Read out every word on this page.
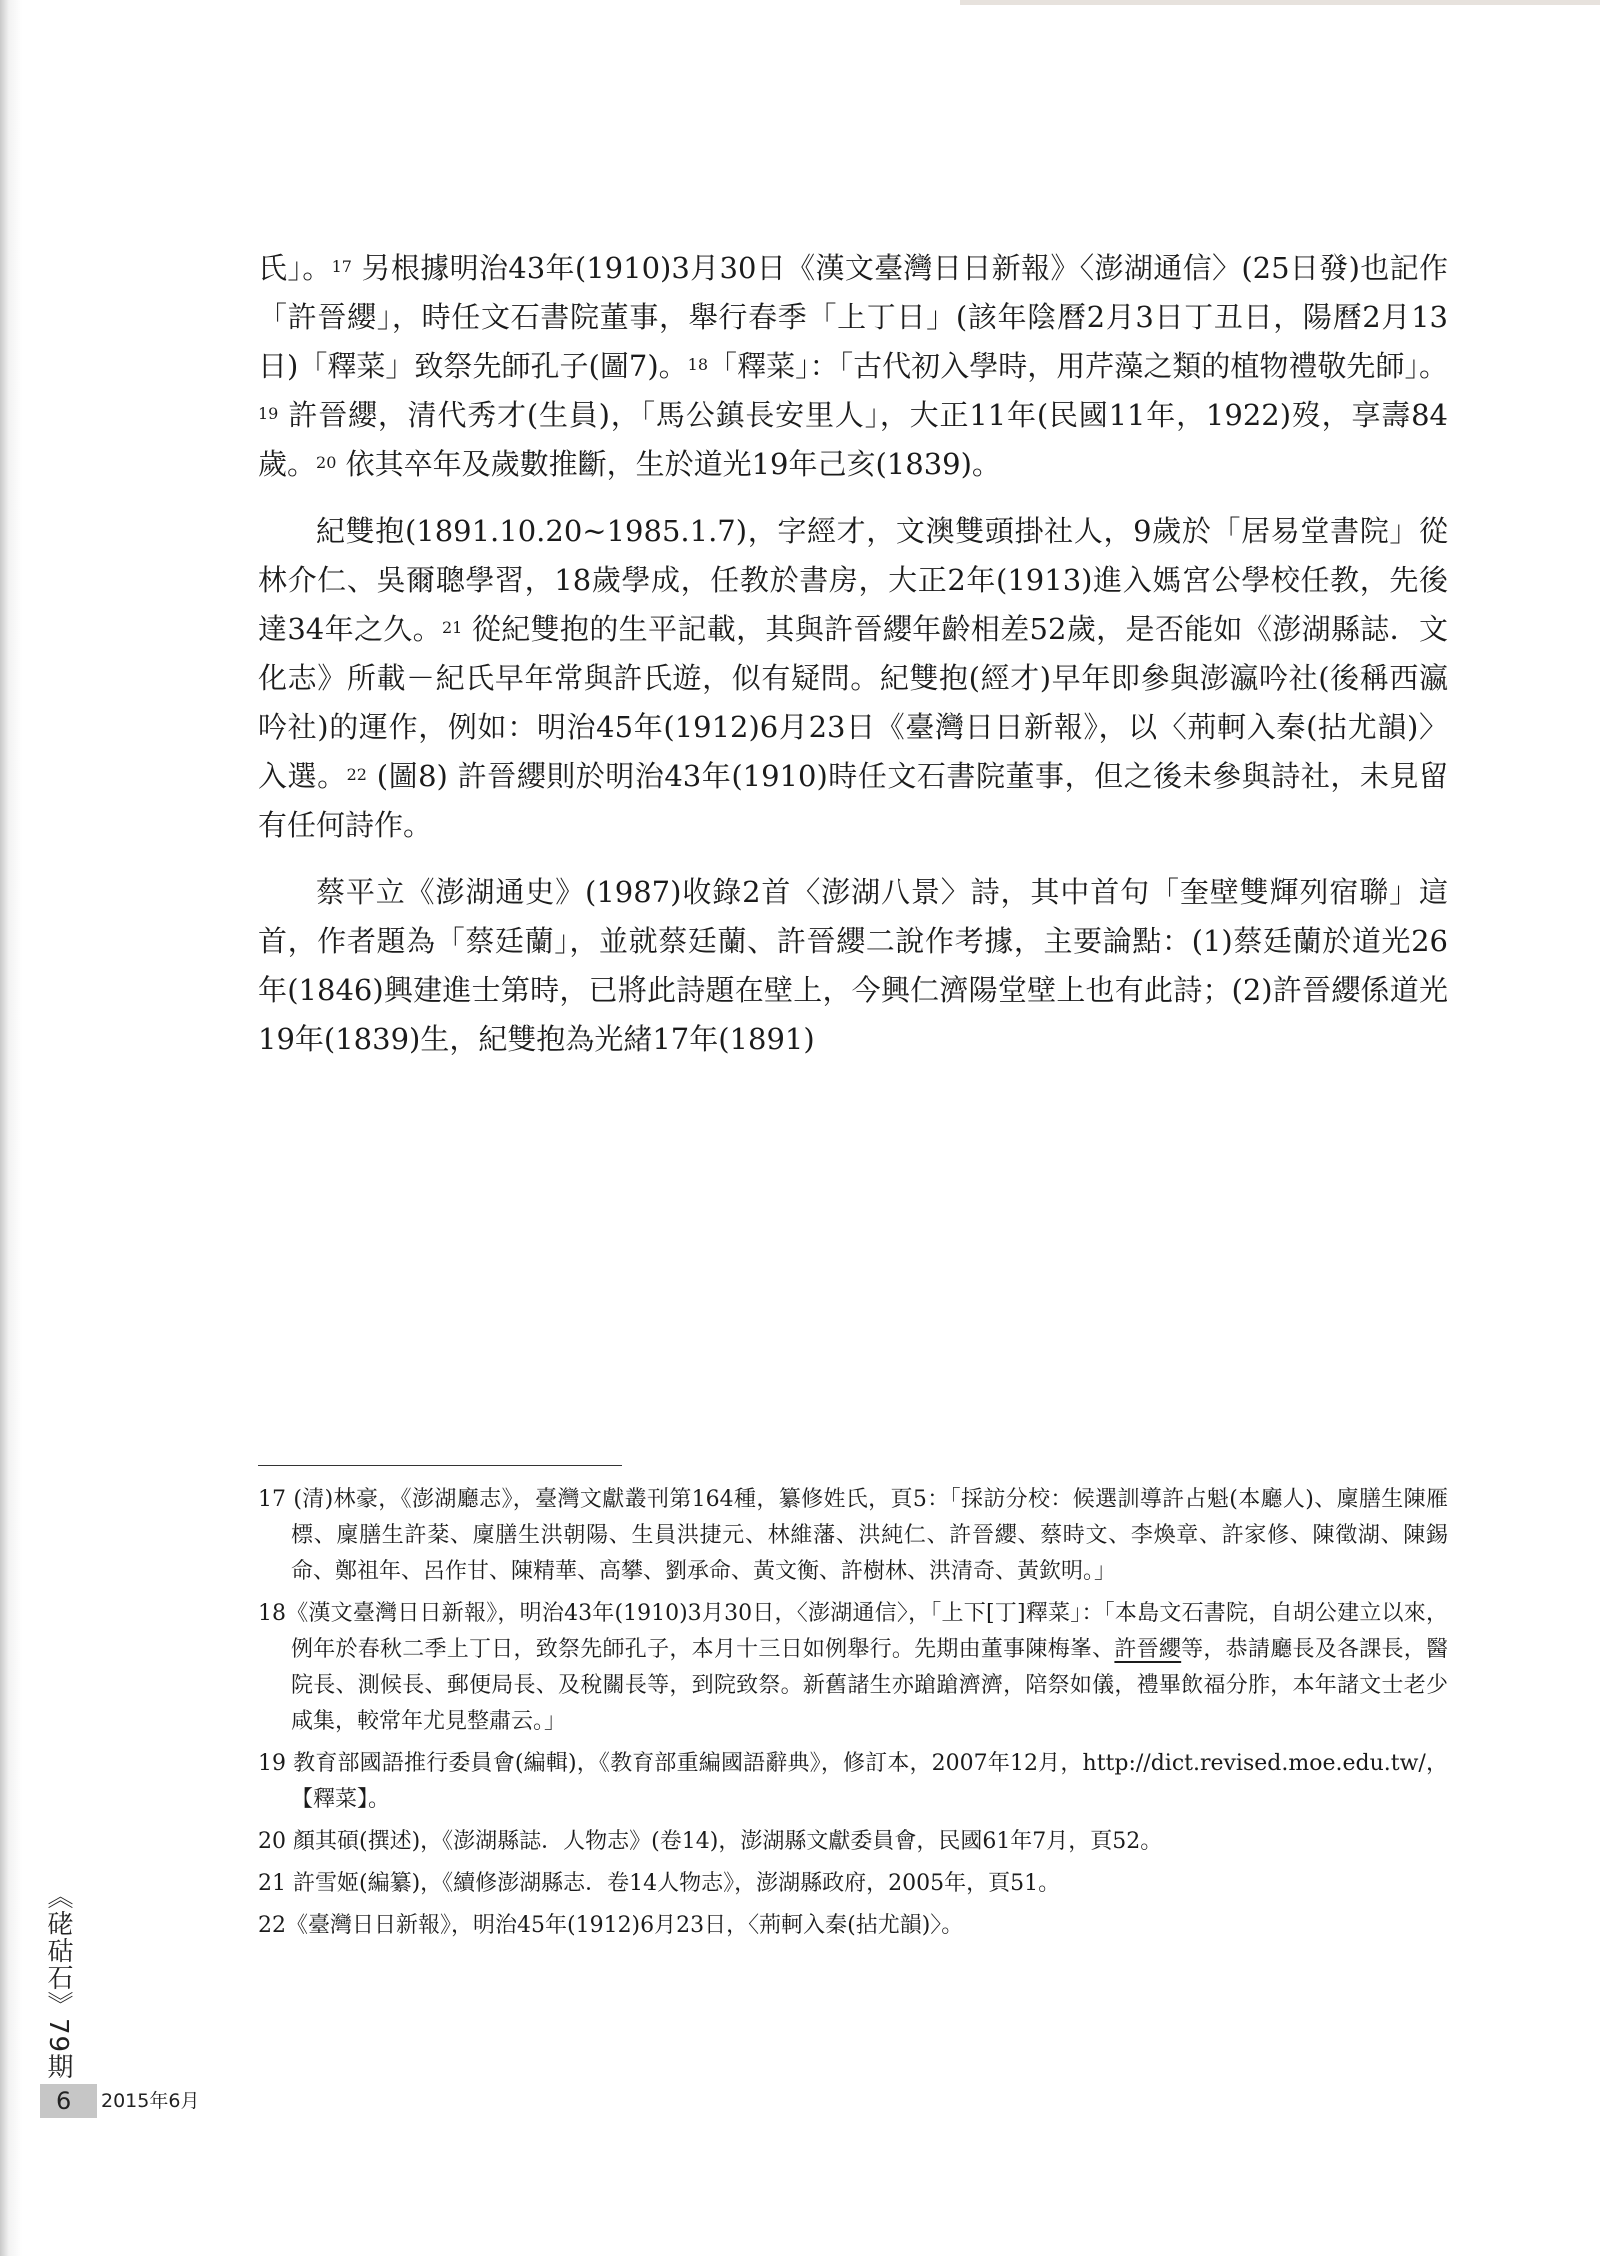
氏」。$^{17}$ 另根據明治43年(1910)3月30日《漢文臺灣日日新報》〈澎湖通信〉(25日發)也記作「許晉纓」，時任文石書院董事，舉行春季「上丁日」(該年陰曆2月3日丁丑日，陽曆2月13日)「釋菜」致祭先師孔子(圖7)。$^{18}$「釋菜」：「古代初入學時，用芹藻之類的植物禮敬先師」。$^{19}$ 許晉纓，清代秀才(生員)，「馬公鎮長安里人」，大正11年(民國11年，1922)歿，享壽84歲。$^{20}$ 依其卒年及歲數推斷，生於道光19年己亥(1839)。

紀雙抱(1891.10.20~1985.1.7)，字經才，文澳雙頭掛社人，9歲於「居易堂書院」從林介仁、吳爾聰學習，18歲學成，任教於書房，大正2年(1913)進入媽宮公學校任教，先後達34年之久。$^{21}$ 從紀雙抱的生平記載，其與許晉纓年齡相差52歲，是否能如《澎湖縣誌．文化志》所載－紀氏早年常與許氏遊，似有疑問。紀雙抱(經才)早年即參與澎瀛吟社(後稱西瀛吟社)的運作，例如：明治45年(1912)6月23日《臺灣日日新報》，以〈荊軻入秦(拈尤韻)〉入選。$^{22}$ (圖8) 許晉纓則於明治43年(1910)時任文石書院董事，但之後未參與詩社，未見留有任何詩作。

蔡平立《澎湖通史》(1987)收錄2首〈澎湖八景〉詩，其中首句「奎壁雙輝列宿聯」這首，作者題為「蔡廷蘭」，並就蔡廷蘭、許晉纓二說作考據，主要論點：(1)蔡廷蘭於道光26年(1846)興建進士第時，已將此詩題在壁上，今興仁濟陽堂壁上也有此詩；(2)許晉纓係道光19年(1839)生，紀雙抱為光緒17年(1891)

17 (清)林豪，《澎湖廳志》，臺灣文獻叢刊第164種，纂修姓氏，頁5：「採訪分校：候選訓導許占魁(本廳人)、廩膳生陳雁標、廩膳生許棻、廩膳生洪朝陽、生員洪捷元、林維藩、洪純仁、許晉纓、蔡時文、李煥章、許家修、陳徵湖、陳錫命、鄭祖年、呂作甘、陳精華、高攀、劉承命、黃文衡、許樹林、洪清奇、黃欽明。」

18《漢文臺灣日日新報》，明治43年(1910)3月30日，〈澎湖通信〉，「上下[丁]釋菜」：「本島文石書院，自胡公建立以來，例年於春秋二季上丁日，致祭先師孔子，本月十三日如例舉行。先期由董事陳梅峯、許晉纓等，恭請廳長及各課長，醫院長、測候長、郵便局長、及稅關長等，到院致祭。新舊諸生亦蹌蹌濟濟，陪祭如儀，禮畢飲福分胙，本年諸文士老少咸集，較常年尤見整肅云。」

19 教育部國語推行委員會(編輯)，《教育部重編國語辭典》，修訂本，2007年12月，http://dict.revised.moe.edu.tw/，【釋菜】。

20 顏其碩(撰述)，《澎湖縣誌．人物志》(卷14)，澎湖縣文獻委員會，民國61年7月，頁52。

21 許雪姬(編纂)，《續修澎湖縣志．卷14人物志》，澎湖縣政府，2005年，頁51。

22《臺灣日日新報》，明治45年(1912)6月23日，〈荊軻入秦(拈尤韻)〉。

《硓𥑮石》79期
6	2015年6月
